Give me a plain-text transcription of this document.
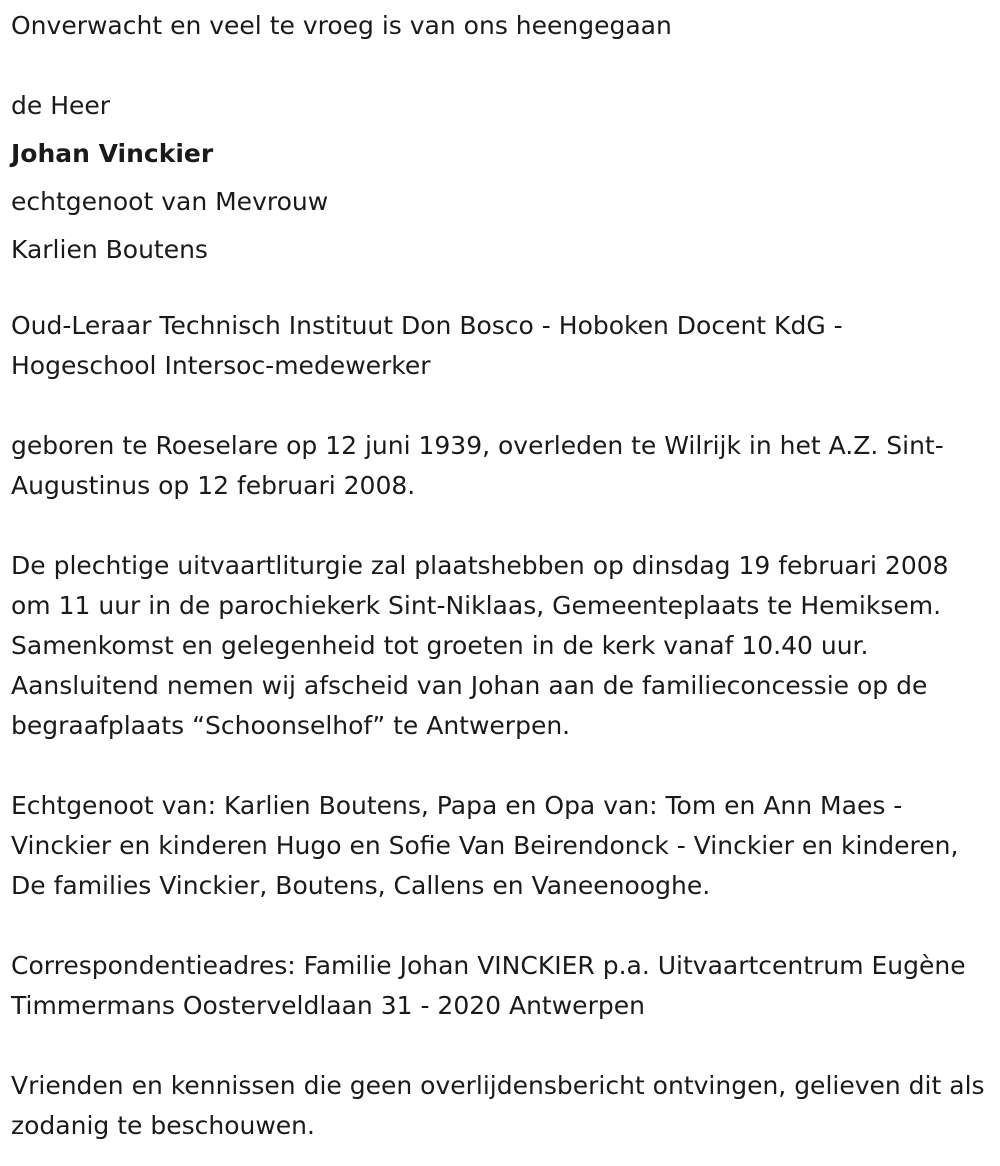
Onverwacht en veel te vroeg is van ons heengegaan

de Heer

Johan Vinckier

echtgenoot van Mevrouw

Karlien Boutens

Oud-Leraar Technisch Instituut Don Bosco - Hoboken Docent KdG - Hogeschool Intersoc-medewerker

geboren te Roeselare op 12 juni 1939, overleden te Wilrijk in het A.Z. Sint-Augustinus op 12 februari 2008.

De plechtige uitvaartliturgie zal plaatshebben op dinsdag 19 februari 2008 om 11 uur in de parochiekerk Sint-Niklaas, Gemeenteplaats te Hemiksem. Samenkomst en gelegenheid tot groeten in de kerk vanaf 10.40 uur. Aansluitend nemen wij afscheid van Johan aan de familieconcessie op de begraafplaats “Schoonselhof” te Antwerpen.

Echtgenoot van: Karlien Boutens, Papa en Opa van: Tom en Ann Maes - Vinckier en kinderen Hugo en Sofie Van Beirendonck - Vinckier en kinderen, De families Vinckier, Boutens, Callens en Vaneenooghe.

Correspondentieadres: Familie Johan VINCKIER p.a. Uitvaartcentrum Eugène Timmermans Oosterveldlaan 31 - 2020 Antwerpen

Vrienden en kennissen die geen overlijdensbericht ontvingen, gelieven dit als zodanig te beschouwen.
